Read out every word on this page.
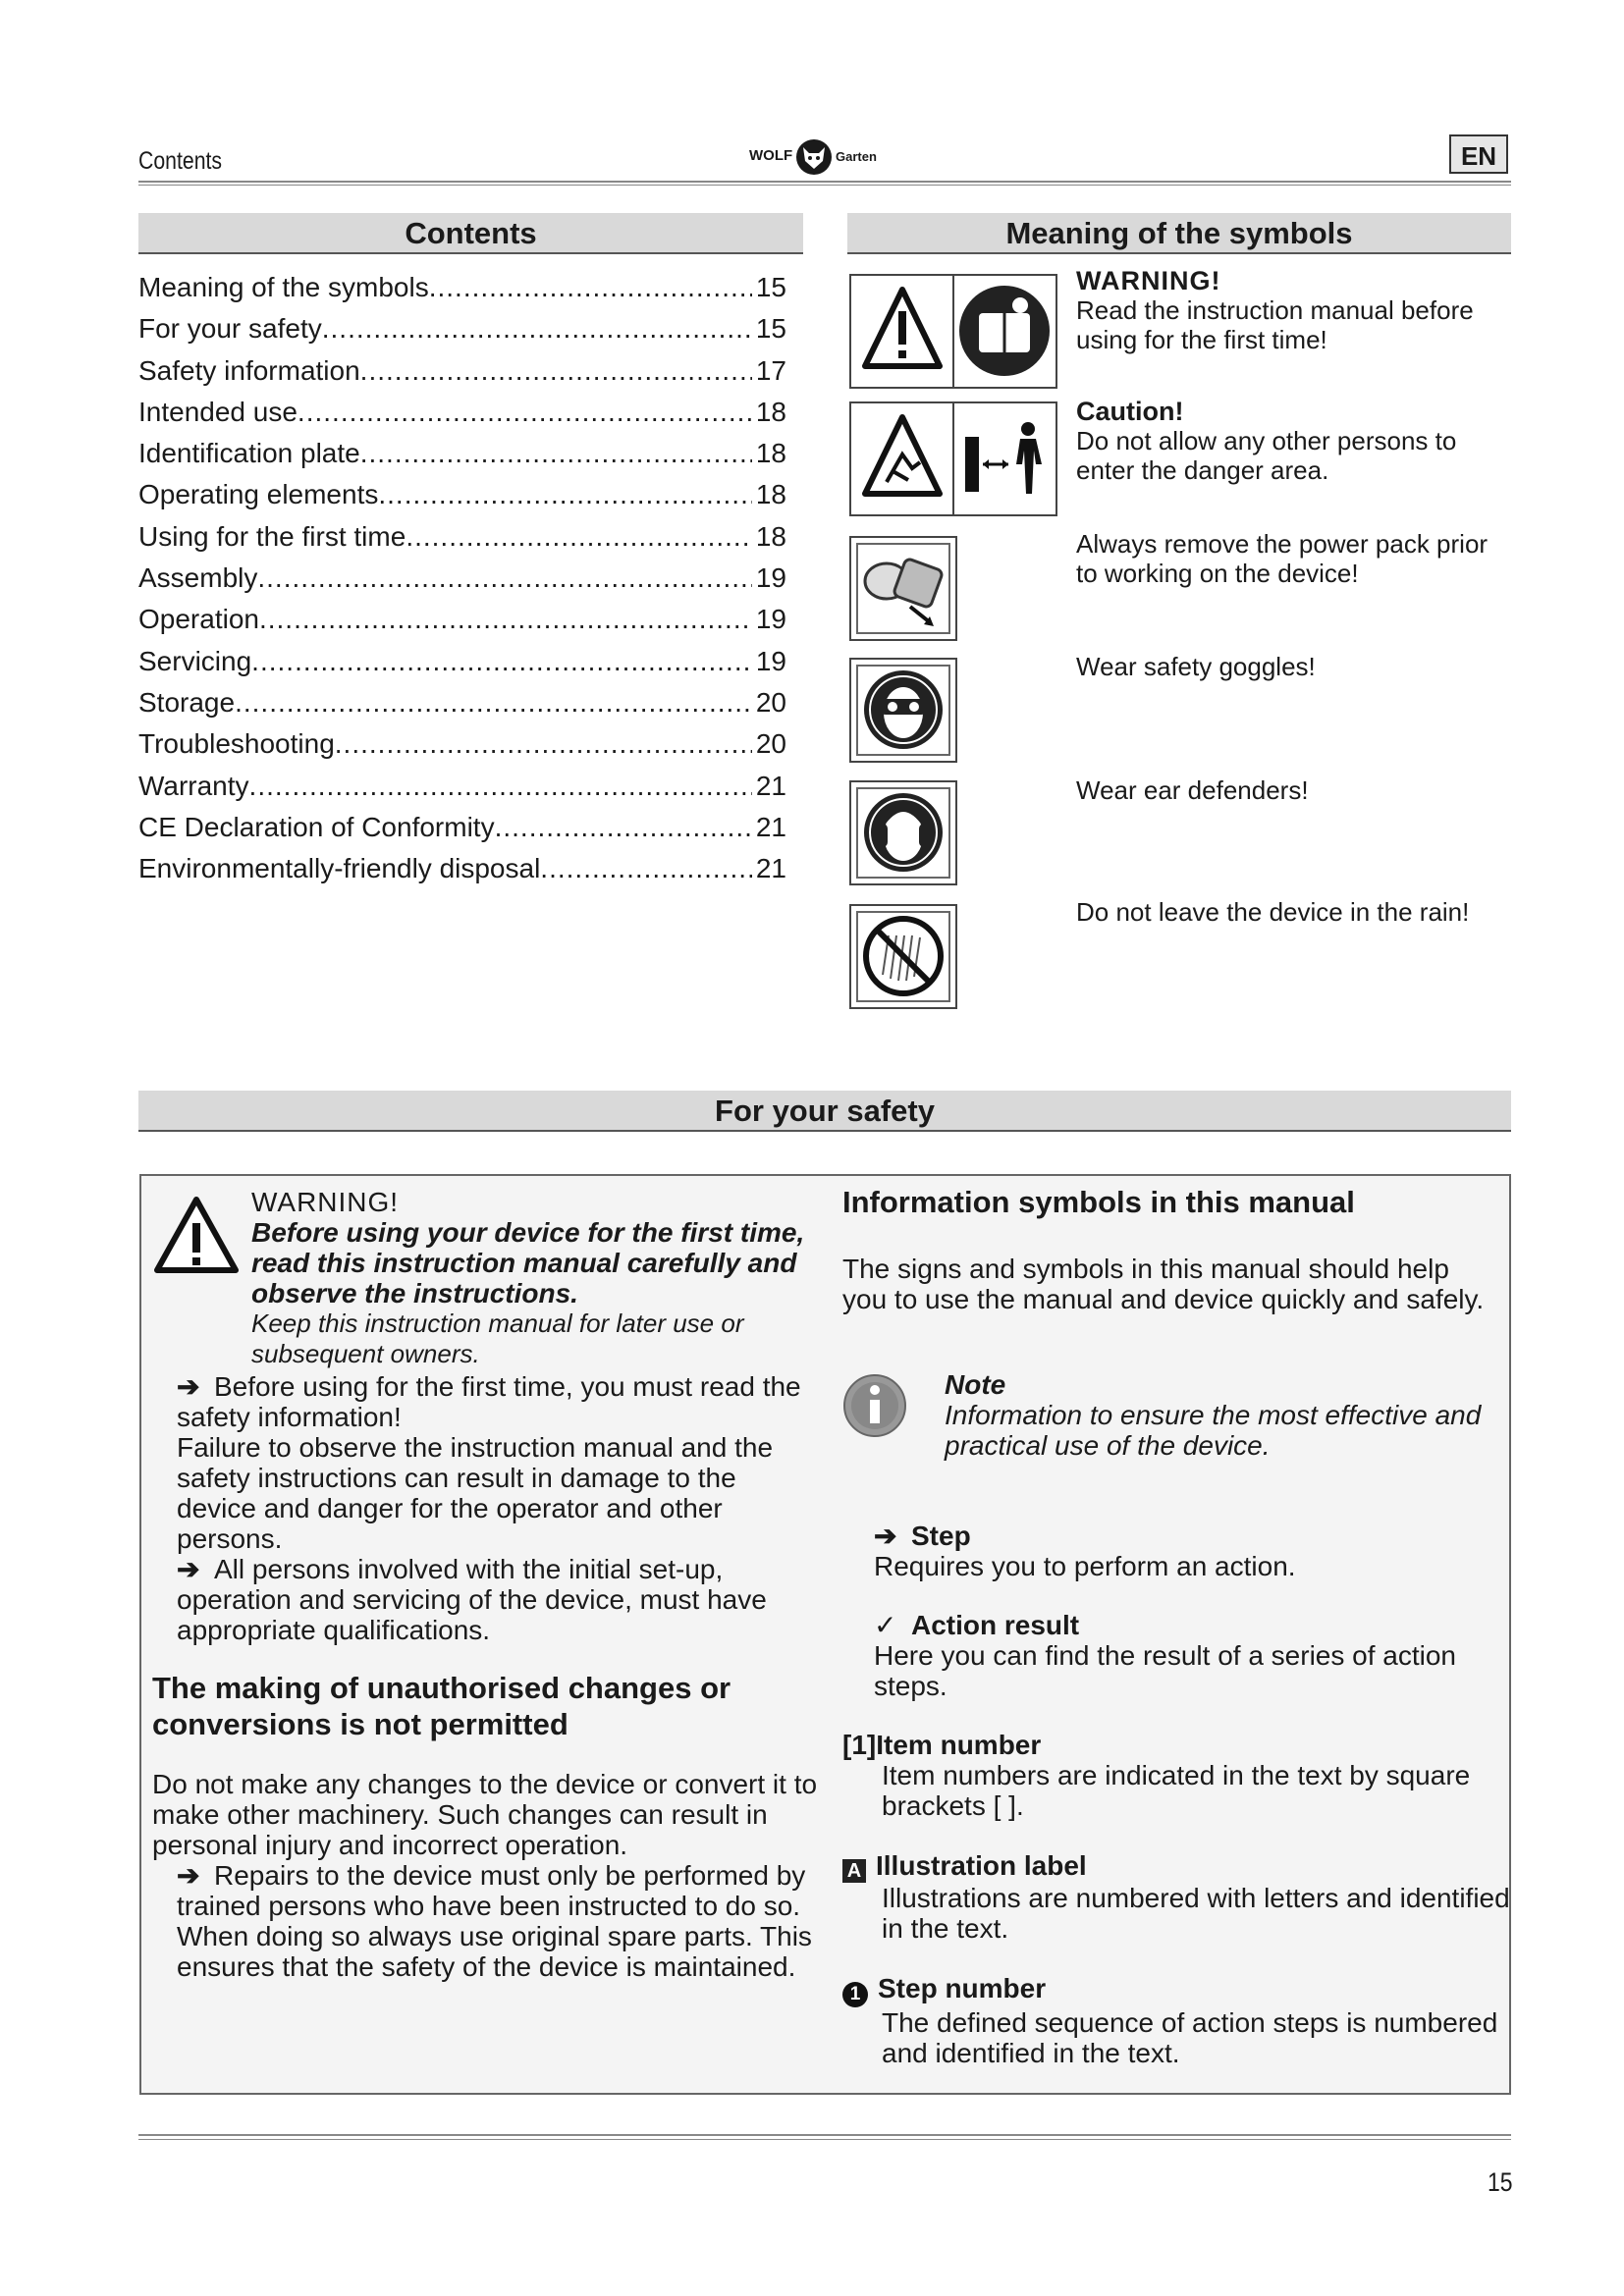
Contents	WOLF	Garten	EN
Contents
Meaning of the symbols .....	15
For your safety .....	15
Safety information .....	17
Intended use .....	18
Identification plate .....	18
Operating elements .....	18
Using for the first time .....	18
Assembly .....	19
Operation .....	19
Servicing .....	19
Storage .....	20
Troubleshooting .....	20
Warranty .....	21
CE Declaration of Conformity .....	21
Environmentally-friendly disposal .....	21
Meaning of the symbols
WARNING!
Read the instruction manual before using for the first time!
Caution!
Do not allow any other persons to enter the danger area.
Always remove the power pack prior to working on the device!
Wear safety goggles!
Wear ear defenders!
Do not leave the device in the rain!
For your safety
WARNING!
Before using your device for the first time, read this instruction manual carefully and observe the instructions.
Keep this instruction manual for later use or subsequent owners.
➔ Before using for the first time, you must read the safety information!
Failure to observe the instruction manual and the safety instructions can result in damage to the device and danger for the operator and other persons.
➔ All persons involved with the initial set-up, operation and servicing of the device, must have appropriate qualifications.
The making of unauthorised changes or conversions is not permitted
Do not make any changes to the device or convert it to make other machinery. Such changes can result in personal injury and incorrect operation.
➔ Repairs to the device must only be performed by trained persons who have been instructed to do so. When doing so always use original spare parts. This ensures that the safety of the device is maintained.
Information symbols in this manual
The signs and symbols in this manual should help you to use the manual and device quickly and safely.
Note
Information to ensure the most effective and practical use of the device.
➔ Step
Requires you to perform an action.
✓ Action result
Here you can find the result of a series of action steps.
[1]Item number
Item numbers are indicated in the text by square brackets [ ].
A Illustration label
Illustrations are numbered with letters and identified in the text.
1 Step number
The defined sequence of action steps is numbered and identified in the text.
15
